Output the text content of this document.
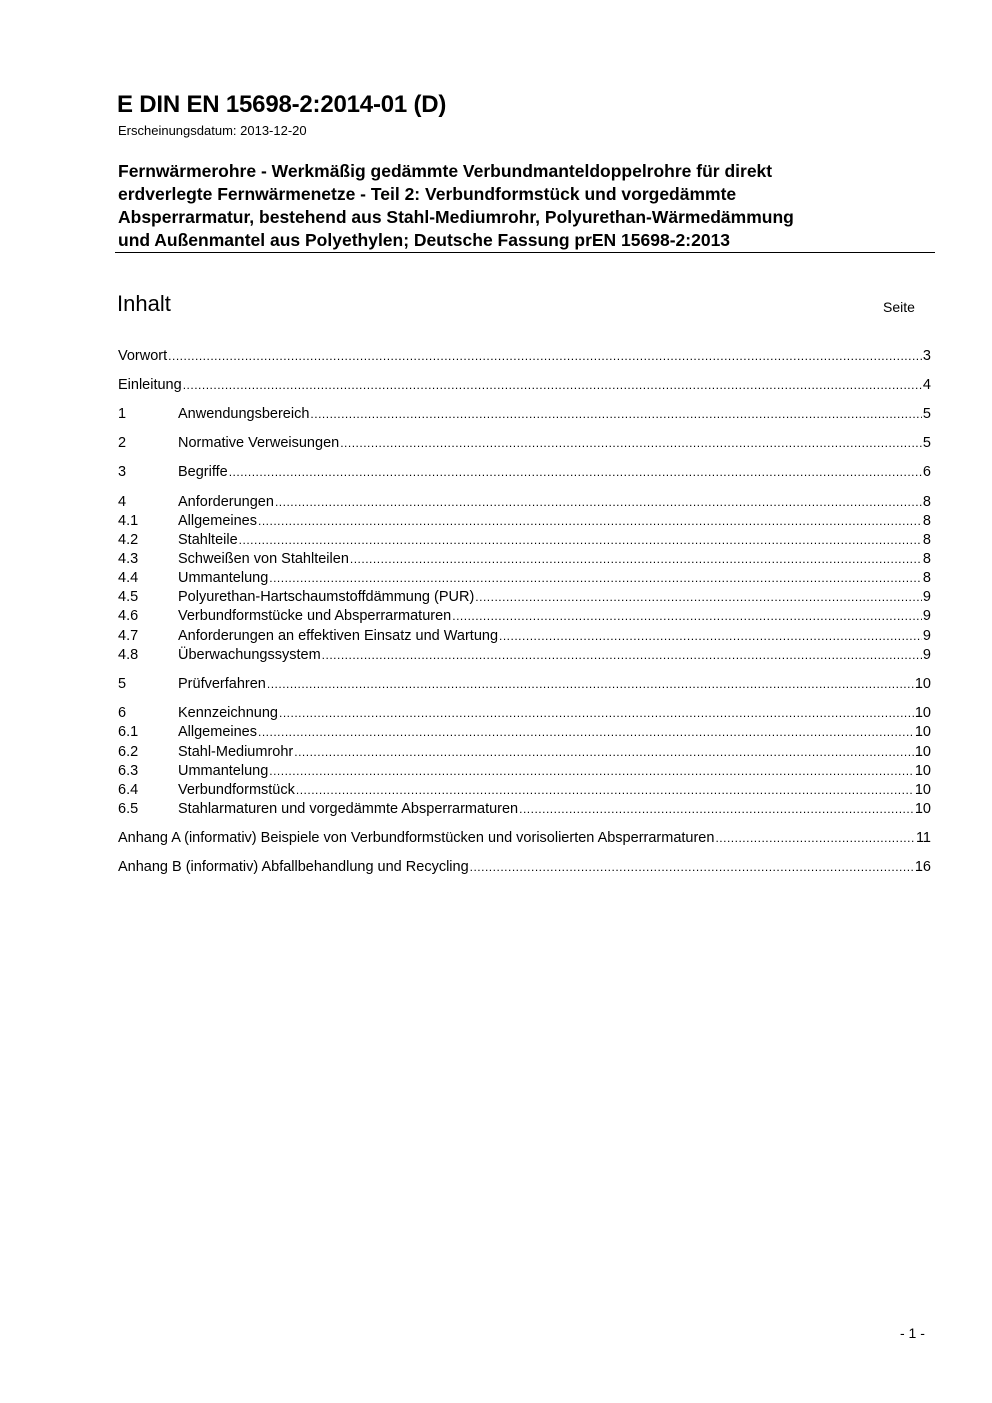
E DIN EN 15698-2:2014-01 (D)
Erscheinungsdatum: 2013-12-20
Fernwärmerohre - Werkmäßig gedämmte Verbundmanteldoppelrohre für direkt
erdverlegte Fernwärmenetze - Teil 2: Verbundformstück und vorgedämmte
Absperrarmatur, bestehend aus Stahl-Mediumrohr, Polyurethan-Wärmedämmung
und Außenmantel aus Polyethylen; Deutsche Fassung prEN 15698-2:2013
Inhalt	Seite
Vorwort .....	3
Einleitung .....	4
1	Anwendungsbereich .....	5
2	Normative Verweisungen .....	5
3	Begriffe .....	6
4	Anforderungen .....	8
4.1	Allgemeines .....	8
4.2	Stahlteile .....	8
4.3	Schweißen von Stahlteilen .....	8
4.4	Ummantelung .....	8
4.5	Polyurethan-Hartschaumstoffdämmung (PUR) .....	9
4.6	Verbundformstücke und Absperrarmaturen .....	9
4.7	Anforderungen an effektiven Einsatz und Wartung .....	9
4.8	Überwachungssystem .....	9
5	Prüfverfahren .....	10
6	Kennzeichnung .....	10
6.1	Allgemeines .....	10
6.2	Stahl-Mediumrohr .....	10
6.3	Ummantelung .....	10
6.4	Verbundformstück .....	10
6.5	Stahlarmaturen und vorgedämmte Absperrarmaturen .....	10
Anhang A (informativ) Beispiele von Verbundformstücken und vorisolierten Absperrarmaturen .....	11
Anhang B (informativ) Abfallbehandlung und Recycling .....	16
- 1 -
